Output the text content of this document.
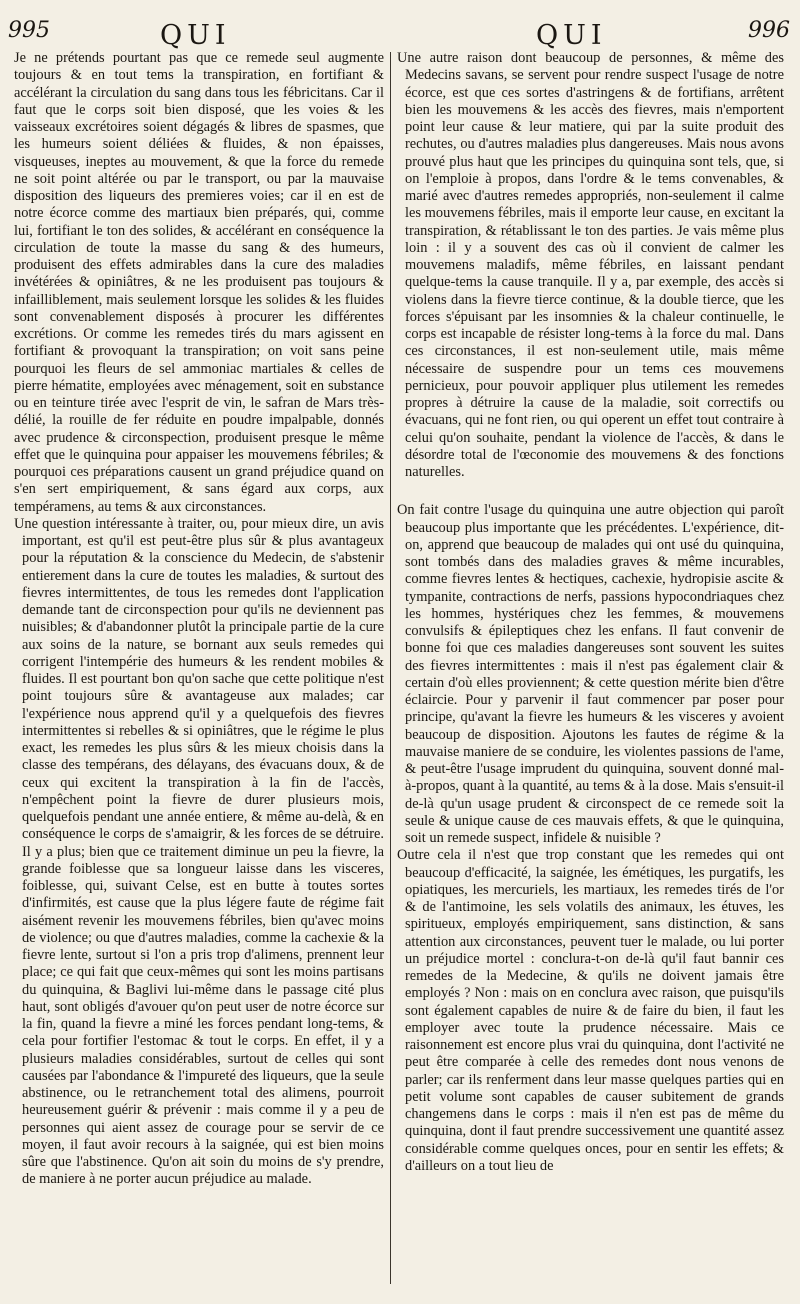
995	QUI	QUI	996

Je ne prétends pourtant pas que ce remede seul augmente toujours & en tout tems la transpiration, en fortifiant & accélérant la circulation du sang dans tous les fébricitans. Car il faut que le corps soit bien disposé, que les voies & les vaisseaux excrétoires soient dégagés & libres de spasmes, que les humeurs soient déliées & fluides, & non épaisses, visqueuses, ineptes au mouvement, & que la force du remede ne soit point altérée ou par le transport, ou par la mauvaise disposition des liqueurs des premieres voies; car il en est de notre écorce comme des martiaux bien préparés, qui, comme lui, fortifiant le ton des solides, & accélérant en conséquence la circulation de toute la masse du sang & des humeurs, produisent des effets admirables dans la cure des maladies invétérées & opiniâtres, & ne les produisent pas toujours & infailliblement, mais seulement lorsque les solides & les fluides sont convenablement disposés à procurer les différentes excrétions. Or comme les remedes tirés du mars agissent en fortifiant & provoquant la transpiration; on voit sans peine pourquoi les fleurs de sel ammoniac martiales & celles de pierre hématite, employées avec ménagement, soit en substance ou en teinture tirée avec l'esprit de vin, le safran de Mars très-délié, la rouille de fer réduite en poudre impalpable, donnés avec prudence & circonspection, produisent presque le même effet que le quinquina pour appaiser les mouvemens fébriles; & pourquoi ces préparations causent un grand préjudice quand on s'en sert empiriquement, & sans égard aux corps, aux tempéramens, au tems & aux circonstances.

Une question intéressante à traiter, ou, pour mieux dire, un avis important, est qu'il est peut-être plus sûr & plus avantageux pour la réputation & la conscience du Medecin, de s'abstenir entierement dans la cure de toutes les maladies, & surtout des fievres intermittentes, de tous les remedes dont l'application demande tant de circonspection pour qu'ils ne deviennent pas nuisibles; & d'abandonner plutôt la principale partie de la cure aux soins de la nature, se bornant aux seuls remedes qui corrigent l'intempérie des humeurs & les rendent mobiles & fluides. Il est pourtant bon qu'on sache que cette politique n'est point toujours sûre & avantageuse aux malades; car l'expérience nous apprend qu'il y a quelquefois des fievres intermittentes si rebelles & si opiniâtres, que le régime le plus exact, les remedes les plus sûrs & les mieux choisis dans la classe des tempérans, des délayans, des évacuans doux, & de ceux qui excitent la transpiration à la fin de l'accès, n'empêchent point la fievre de durer plusieurs mois, quelquefois pendant une année entiere, & même au-delà, & en conséquence le corps de s'amaigrir, & les forces de se détruire. Il y a plus; bien que ce traitement diminue un peu la fievre, la grande foiblesse que sa longueur laisse dans les visceres, foiblesse, qui, suivant Celse, est en butte à toutes sortes d'infirmités, est cause que la plus légere faute de régime fait aisément revenir les mouvemens fébriles, bien qu'avec moins de violence; ou que d'autres maladies, comme la cachexie & la fievre lente, surtout si l'on a pris trop d'alimens, prennent leur place; ce qui fait que ceux-mêmes qui sont les moins partisans du quinquina, & Baglivi lui-même dans le passage cité plus haut, sont obligés d'avouer qu'on peut user de notre écorce sur la fin, quand la fievre a miné les forces pendant long-tems, & cela pour fortifier l'estomac & tout le corps. En effet, il y a plusieurs maladies considérables, surtout de celles qui sont causées par l'abondance & l'impureté des liqueurs, que la seule abstinence, ou le retranchement total des alimens, pourroit heureusement guérir & prévenir : mais comme il y a peu de personnes qui aient assez de courage pour se servir de ce moyen, il faut avoir recours à la saignée, qui est bien moins sûre que l'abstinence. Qu'on ait soin du moins de s'y prendre, de maniere à ne porter aucun préjudice au malade.

Une autre raison dont beaucoup de personnes, & même des Medecins savans, se servent pour rendre suspect l'usage de notre écorce, est que ces sortes d'astringens & de fortifians, arrêtent bien les mouvemens & les accès des fievres, mais n'emportent point leur cause & leur matiere, qui par la suite produit des rechutes, ou d'autres maladies plus dangereuses. Mais nous avons prouvé plus haut que les principes du quinquina sont tels, que, si on l'emploie à propos, dans l'ordre & le tems convenables, & marié avec d'autres remedes appropriés, non-seulement il calme les mouvemens fébriles, mais il emporte leur cause, en excitant la transpiration, & rétablissant le ton des parties. Je vais même plus loin : il y a souvent des cas où il convient de calmer les mouvemens maladifs, même fébriles, en laissant pendant quelque-tems la cause tranquile. Il y a, par exemple, des accès si violens dans la fievre tierce continue, & la double tierce, que les forces s'épuisant par les insomnies & la chaleur continuelle, le corps est incapable de résister long-tems à la force du mal. Dans ces circonstances, il est non-seulement utile, mais même nécessaire de suspendre pour un tems ces mouvemens pernicieux, pour pouvoir appliquer plus utilement les remedes propres à détruire la cause de la maladie, soit correctifs ou évacuans, qui ne font rien, ou qui operent un effet tout contraire à celui qu'on souhaite, pendant la violence de l'accès, & dans le désordre total de l'œconomie des mouvemens & des fonctions naturelles.

On fait contre l'usage du quinquina une autre objection qui paroît beaucoup plus importante que les précédentes. L'expérience, dit-on, apprend que beaucoup de malades qui ont usé du quinquina, sont tombés dans des maladies graves & même incurables, comme fievres lentes & hectiques, cachexie, hydropisie ascite & tympanite, contractions de nerfs, passions hypocondriaques chez les hommes, hystériques chez les femmes, & mouvemens convulsifs & épileptiques chez les enfans. Il faut convenir de bonne foi que ces maladies dangereuses sont souvent les suites des fievres intermittentes : mais il n'est pas également clair & certain d'où elles proviennent; & cette question mérite bien d'être éclaircie. Pour y parvenir il faut commencer par poser pour principe, qu'avant la fievre les humeurs & les visceres y avoient beaucoup de disposition. Ajoutons les fautes de régime & la mauvaise maniere de se conduire, les violentes passions de l'ame, & peut-être l'usage imprudent du quinquina, souvent donné mal-à-propos, quant à la quantité, au tems & à la dose. Mais s'ensuit-il de-là qu'un usage prudent & circonspect de ce remede soit la seule & unique cause de ces mauvais effets, & que le quinquina, soit un remede suspect, infidele & nuisible ?

Outre cela il n'est que trop constant que les remedes qui ont beaucoup d'efficacité, la saignée, les émétiques, les purgatifs, les opiatiques, les mercuriels, les martiaux, les remedes tirés de l'or & de l'antimoine, les sels volatils des animaux, les étuves, les spiritueux, employés empiriquement, sans distinction, & sans attention aux circonstances, peuvent tuer le malade, ou lui porter un préjudice mortel : conclura-t-on de-là qu'il faut bannir ces remedes de la Medecine, & qu'ils ne doivent jamais être employés ? Non : mais on en conclura avec raison, que puisqu'ils sont également capables de nuire & de faire du bien, il faut les employer avec toute la prudence nécessaire. Mais ce raisonnement est encore plus vrai du quinquina, dont l'activité ne peut être comparée à celle des remedes dont nous venons de parler; car ils renferment dans leur masse quelques parties qui en petit volume sont capables de causer subitement de grands changemens dans le corps : mais il n'en est pas de même du quinquina, dont il faut prendre successivement une quantité assez considérable comme quelques onces, pour en sentir les effets; & d'ailleurs on a tout lieu de
